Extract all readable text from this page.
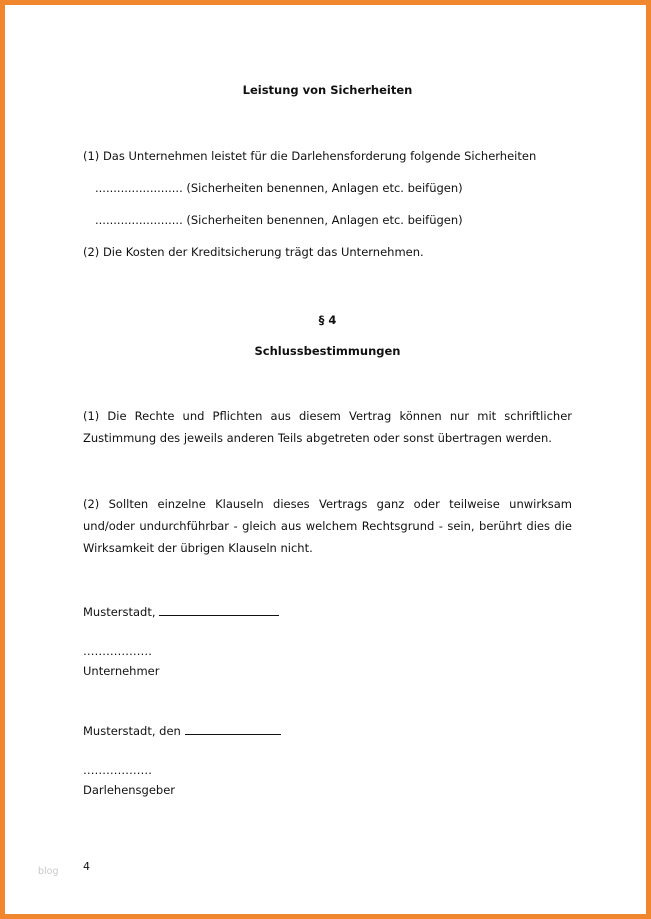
blog
Leistung von Sicherheiten
(1) Das Unternehmen leistet für die Darlehensforderung folgende Sicherheiten
........................ (Sicherheiten benennen, Anlagen etc. beifügen)
........................ (Sicherheiten benennen, Anlagen etc. beifügen)
(2) Die Kosten der Kreditsicherung trägt das Unternehmen.
§ 4
Schlussbestimmungen
(1) Die Rechte und Pflichten aus diesem Vertrag können nur mit schriftlicher Zustimmung des jeweils anderen Teils abgetreten oder sonst übertragen werden.
(2) Sollten einzelne Klauseln dieses Vertrags ganz oder teilweise unwirksam und/oder undurchführbar - gleich aus welchem Rechtsgrund - sein, berührt dies die Wirksamkeit der übrigen Klauseln nicht.
Musterstadt,
………………
Unternehmer
Musterstadt, den
………………
Darlehensgeber
4
